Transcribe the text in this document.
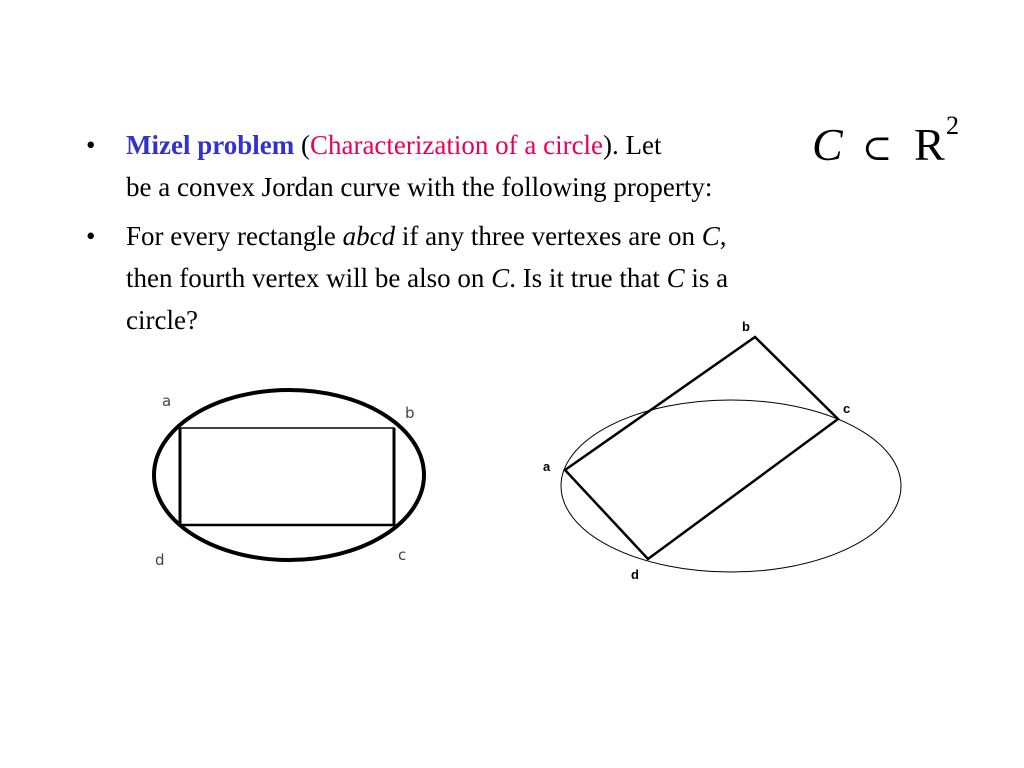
•	Mizel problem (Characterization of a circle). Let
be a convex Jordan curve with the following property:
C ⊂ R 2
•	For every rectangle abcd if any three vertexes are on C,
then fourth vertex will be also on C. Is it true that C is a
circle?
a
b
c
d
a
b
c
d
